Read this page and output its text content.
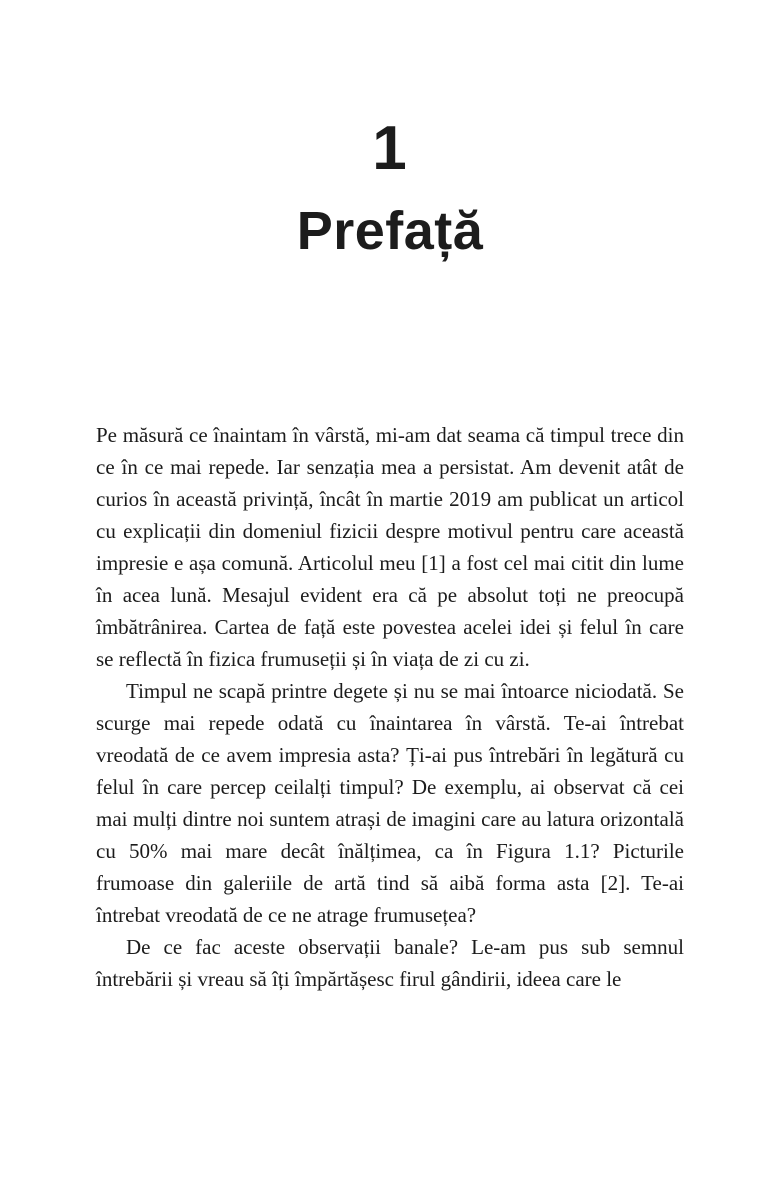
1
Prefață

Pe măsură ce înaintam în vârstă, mi-am dat seama că timpul trece din ce în ce mai repede. Iar senzația mea a persistat. Am devenit atât de curios în această privință, încât în martie 2019 am publicat un articol cu explicații din domeniul fizicii despre motivul pentru care această impresie e așa comună. Articolul meu [1] a fost cel mai citit din lume în acea lună. Mesajul evident era că pe absolut toți ne preocupă îmbătrânirea. Cartea de față este povestea acelei idei și felul în care se reflectă în fizica frumuseții și în viața de zi cu zi.

Timpul ne scapă printre degete și nu se mai întoarce niciodată. Se scurge mai repede odată cu înaintarea în vârstă. Te-ai întrebat vreodată de ce avem impresia asta? Ți-ai pus întrebări în legătură cu felul în care percep ceilalți timpul? De exemplu, ai observat că cei mai mulți dintre noi suntem atrași de imagini care au latura orizontală cu 50% mai mare decât înălțimea, ca în Figura 1.1? Picturile frumoase din galeriile de artă tind să aibă forma asta [2]. Te-ai întrebat vreodată de ce ne atrage frumusețea?

De ce fac aceste observații banale? Le-am pus sub semnul întrebării și vreau să îți împărtășesc firul gândirii, ideea care le
